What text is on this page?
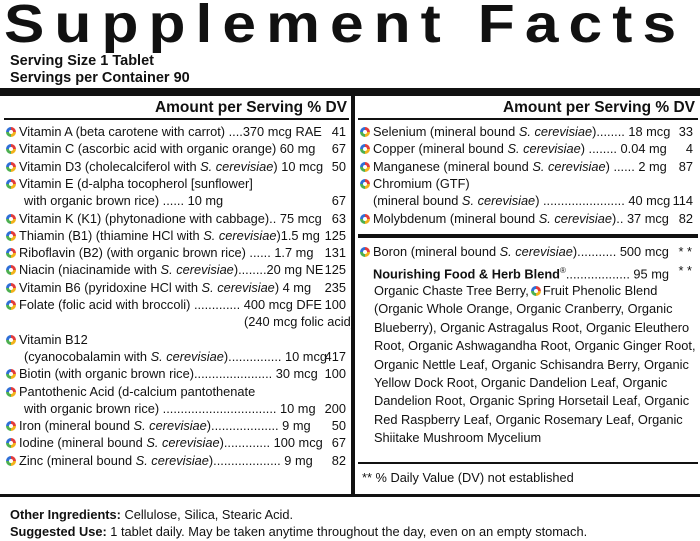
Supplement Facts
Serving Size 1 Tablet
Servings per Container 90
Amount per Serving % DV	Amount per Serving % DV
Vitamin A (beta carotene with carrot) ....370 mcg RAE 41
Vitamin C (ascorbic acid with organic orange) 60 mg 67
Vitamin D3 (cholecalciferol with S. cerevisiae) 10 mcg 50
Vitamin E (d-alpha tocopherol [sunflower]
with organic brown rice) ...... 10 mg	67
Vitamin K (K1) (phytonadione with cabbage).. 75 mcg 63
Thiamin (B1) (thiamine HCl with S. cerevisiae)1.5 mg 125
Riboflavin (B2) (with organic brown rice) ...... 1.7 mg 131
Niacin (niacinamide with S. cerevisiae)........20 mg NE 125
Vitamin B6 (pyridoxine HCl with S. cerevisiae) 4 mg 235
Folate (folic acid with broccoli) ............. 400 mcg DFE 100
(240 mcg folic acid)
Vitamin B12
(cyanocobalamin with S. cerevisiae)............... 10 mcg
417
Biotin (with organic brown rice)...................... 30 mcg 100
Pantothenic Acid (d-calcium pantothenate
with organic brown rice) ................................ 10 mg 200
Iron (mineral bound S. cerevisiae)................... 9 mg 50
Iodine (mineral bound S. cerevisiae)............. 100 mcg 67
Zinc (mineral bound S. cerevisiae)................... 9 mg 82
Selenium (mineral bound S. cerevisiae)........ 18 mcg 33
Copper (mineral bound S. cerevisiae) ........ 0.04 mg 4
Manganese (mineral bound S. cerevisiae) ...... 2 mg 87
Chromium (GTF)
(mineral bound S. cerevisiae) ....................... 40 mcg 114
Molybdenum (mineral bound S. cerevisiae).. 37 mcg 82
Boron (mineral bound S. cerevisiae)........... 500 mcg * *
Nourishing Food & Herb Blend®.................. 95 mg * *
Organic Chaste Tree Berry, Fruit Phenolic Blend (Organic Whole Orange, Organic Cranberry, Organic Blueberry), Organic Astragalus Root, Organic Eleuthero Root, Organic Ashwagandha Root, Organic Ginger Root, Organic Nettle Leaf, Organic Schisandra Berry, Organic Yellow Dock Root, Organic Dandelion Leaf, Organic Dandelion Root, Organic Spring Horsetail Leaf, Organic Red Raspberry Leaf, Organic Rosemary Leaf, Organic Shiitake Mushroom Mycelium
** % Daily Value (DV) not established
Other Ingredients: Cellulose, Silica, Stearic Acid.
Suggested Use: 1 tablet daily. May be taken anytime throughout the day, even on an empty stomach.
